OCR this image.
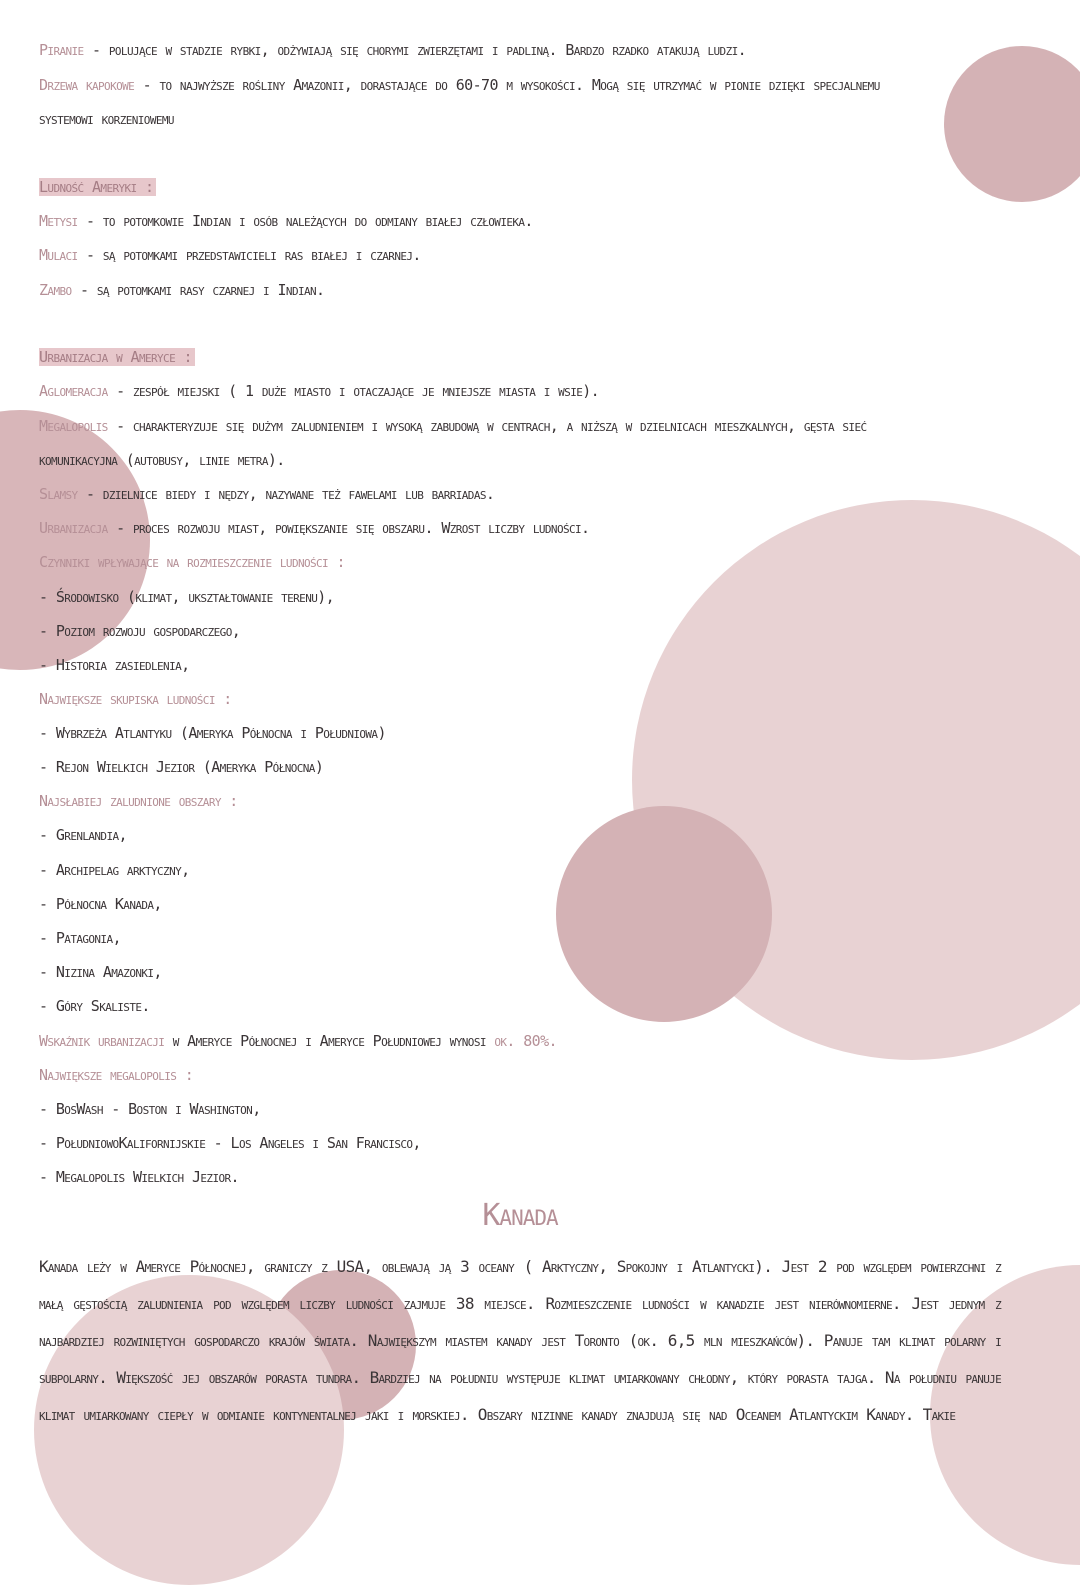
Piranie - polujące w stadzie rybki, odżywiają się chorymi zwierzętami i padliną. Bardzo rzadko atakują ludzi.
Drzewa kapokowe - to najwyższe rośliny Amazonii, dorastające do 60-70 m wysokości. Mogą się utrzymać w pionie dzięki specjalnemu
systemowi korzeniowemu
Ludność Ameryki :
Metysi - to potomkowie Indian i osób należących do odmiany białej człowieka.
Mulaci - są potomkami przedstawicieli ras białej i czarnej.
Zambo - są potomkami rasy czarnej i Indian.
Urbanizacja w Ameryce :
Aglomeracja - zespół miejski ( 1 duże miasto i otaczające je mniejsze miasta i wsie).
Megalopolis - charakteryzuje się dużym zaludnieniem i wysoką zabudową w centrach, a niższą w dzielnicach mieszkalnych, gęsta sieć
komunikacyjna (autobusy, linie metra).
Slamsy - dzielnice biedy i nędzy, nazywane też fawelami lub barriadas.
Urbanizacja - proces rozwoju miast, powiększanie się obszaru. Wzrost liczby ludności.
Czynniki wpływające na rozmieszczenie ludności :
- Środowisko (klimat, ukształtowanie terenu),
- Poziom rozwoju gospodarczego,
- Historia zasiedlenia,
Największe skupiska ludności :
- Wybrzeża Atlantyku (Ameryka Północna i Południowa)
- Rejon Wielkich Jezior (Ameryka Północna)
Najsłabiej zaludnione obszary :
- Grenlandia,
- Archipelag arktyczny,
- Północna Kanada,
- Patagonia,
- Nizina Amazonki,
- Góry Skaliste.
Wskaźnik urbanizacji w Ameryce Północnej i Ameryce Południowej wynosi ok. 80%.
Największe megalopolis :
- BosWash - Boston i Washington,
- PołudniowoKalifornijskie - Los Angeles i San Francisco,
- Megalopolis Wielkich Jezior.
Kanada
Kanada leży w Ameryce Północnej, graniczy z USA, oblewają ją 3 oceany ( Arktyczny, Spokojny i Atlantycki). Jest 2 pod względem powierzchni z małą gęstością zaludnienia pod względem liczby ludności zajmuje 38 miejsce. Rozmieszczenie ludności w kanadzie jest nierównomierne. Jest jednym z najbardziej rozwiniętych gospodarczo krajów świata. Największym miastem kanady jest Toronto (ok. 6,5 mln mieszkańców). Panuje tam klimat polarny i subpolarny. Większość jej obszarów porasta tundra. Bardziej na południu występuje klimat umiarkowany chłodny, który porasta tajga. Na południu panuje klimat umiarkowany ciepły w odmianie kontynentalnej jaki i morskiej. Obszary nizinne kanady znajdują się nad Oceanem Atlantyckim Kanady. Takie
